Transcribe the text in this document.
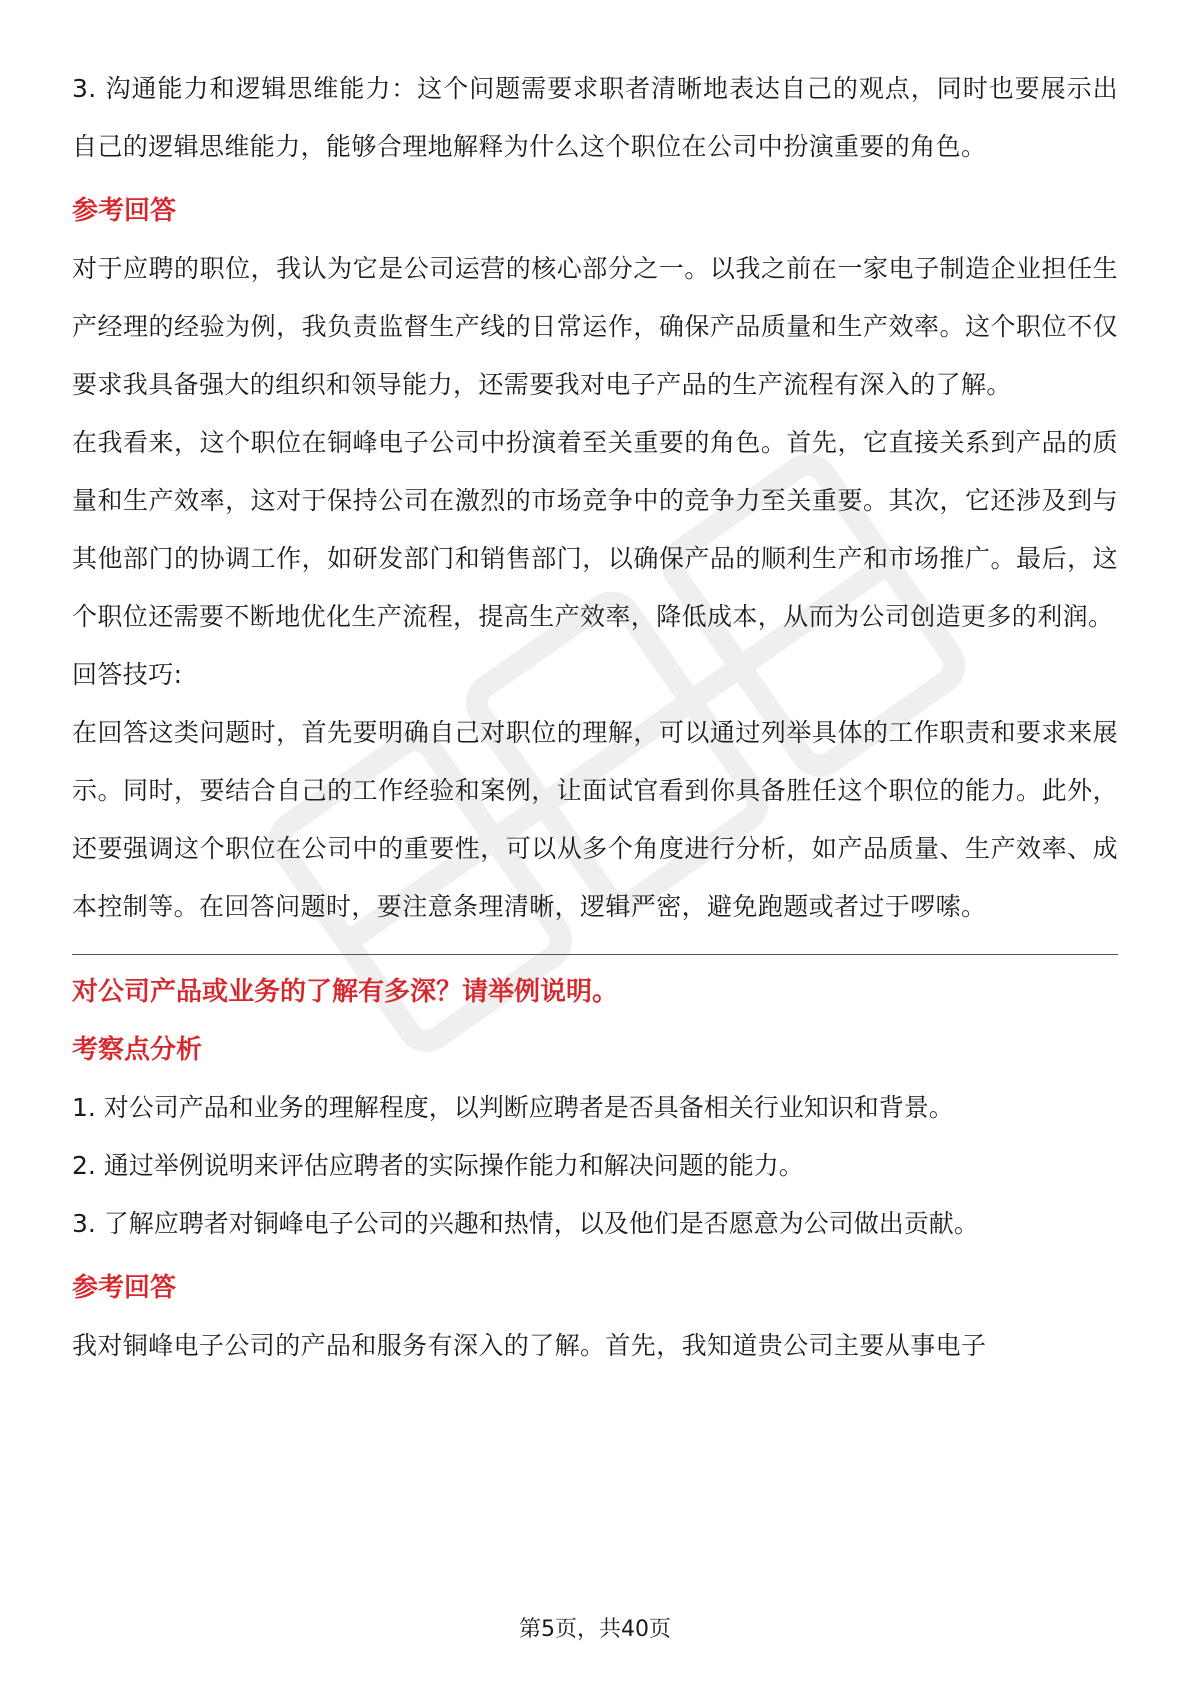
3. 沟通能力和逻辑思维能力：这个问题需要求职者清晰地表达自己的观点，同时也要展示出自己的逻辑思维能力，能够合理地解释为什么这个职位在公司中扮演重要的角色。

参考回答

对于应聘的职位，我认为它是公司运营的核心部分之一。以我之前在一家电子制造企业担任生产经理的经验为例，我负责监督生产线的日常运作，确保产品质量和生产效率。这个职位不仅要求我具备强大的组织和领导能力，还需要我对电子产品的生产流程有深入的了解。

在我看来，这个职位在铜峰电子公司中扮演着至关重要的角色。首先，它直接关系到产品的质量和生产效率，这对于保持公司在激烈的市场竞争中的竞争力至关重要。其次，它还涉及到与其他部门的协调工作，如研发部门和销售部门，以确保产品的顺利生产和市场推广。最后，这个职位还需要不断地优化生产流程，提高生产效率，降低成本，从而为公司创造更多的利润。

回答技巧:

在回答这类问题时，首先要明确自己对职位的理解，可以通过列举具体的工作职责和要求来展示。同时，要结合自己的工作经验和案例，让面试官看到你具备胜任这个职位的能力。此外，还要强调这个职位在公司中的重要性，可以从多个角度进行分析，如产品质量、生产效率、成本控制等。在回答问题时，要注意条理清晰，逻辑严密，避免跑题或者过于啰嗦。

对公司产品或业务的了解有多深？请举例说明。

考察点分析

1. 对公司产品和业务的理解程度，以判断应聘者是否具备相关行业知识和背景。

2. 通过举例说明来评估应聘者的实际操作能力和解决问题的能力。

3. 了解应聘者对铜峰电子公司的兴趣和热情，以及他们是否愿意为公司做出贡献。

参考回答

我对铜峰电子公司的产品和服务有深入的了解。首先，我知道贵公司主要从事电子

第5页，共40页
